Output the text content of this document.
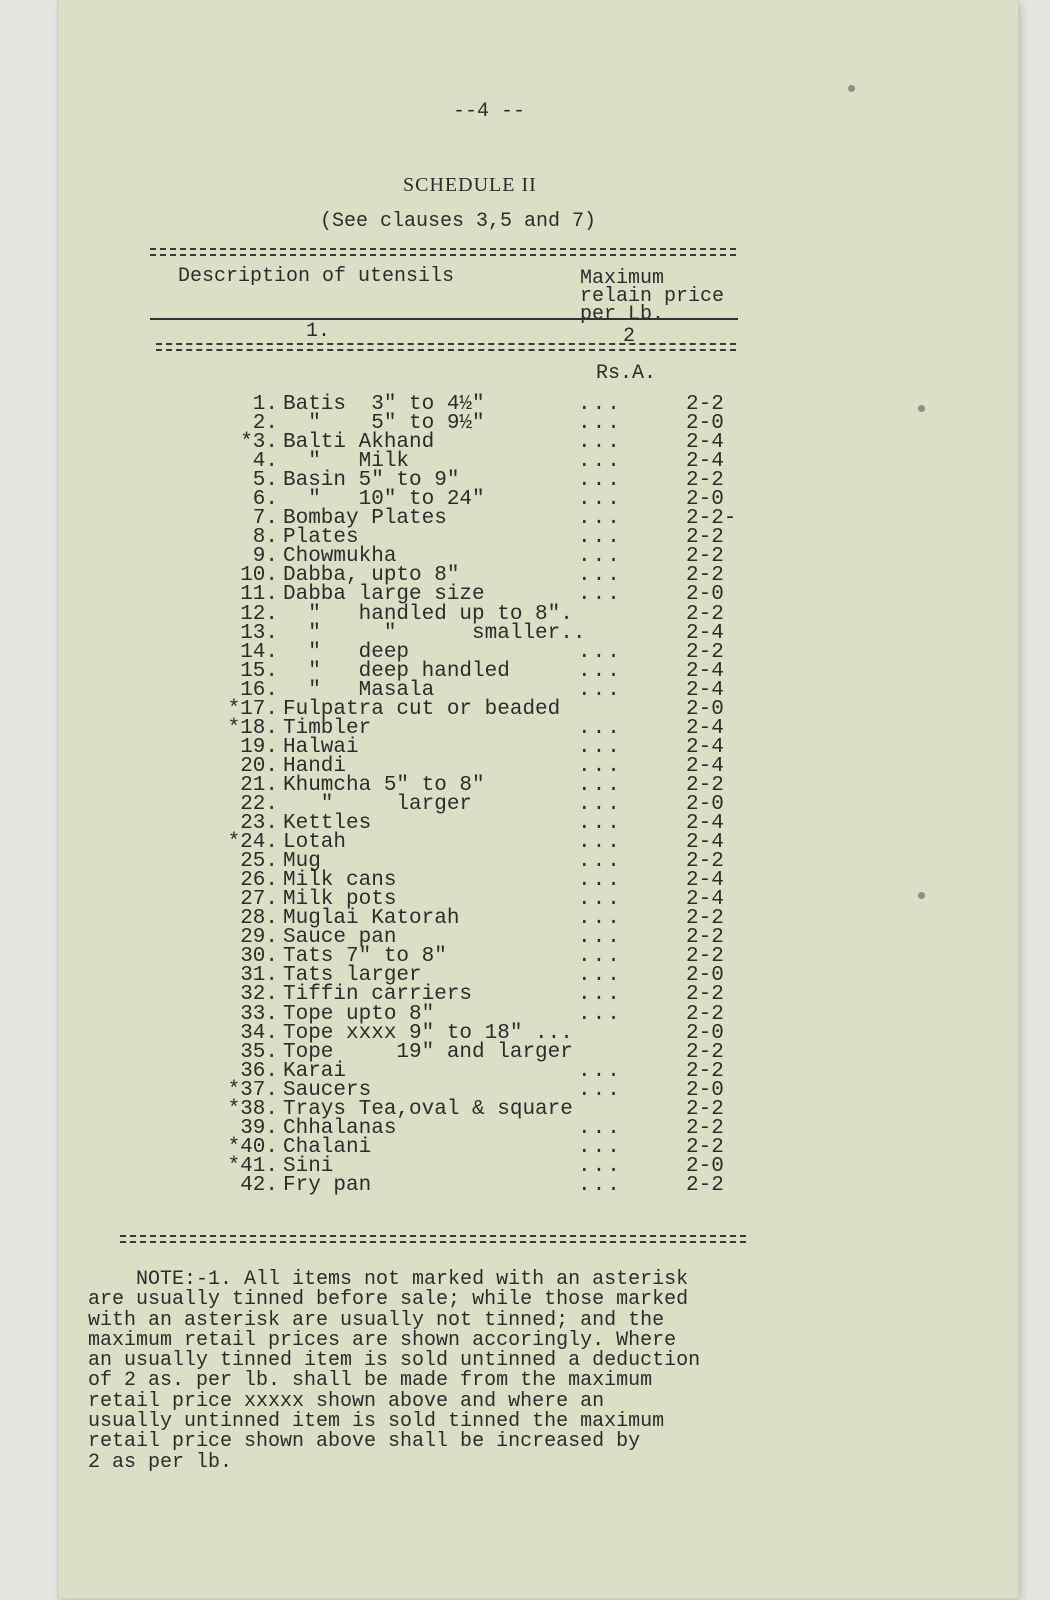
--4 --
SCHEDULE II
(See clauses 3,5 and 7)
Description of utensils	Maximum
relain price
per Lb.
1.	2
Rs.A.
1. Batis  3" to 4½"	...	2-2
2. "    5" to 9½"	...	2-0
*3. Balti Akhand	...	2-4
4. "   Milk	...	2-4
5. Basin 5" to 9"	...	2-2
6. "   10" to 24"	...	2-0
7. Bombay Plates	...	2-2-
8. Plates	...	2-2
9. Chowmukha	...	2-2
10. Dabba, upto 8"	...	2-2
11. Dabba large size	...	2-0
12. "   handled up to 8".	2-2
13. "     "      smaller..	2-4
14. "   deep	...	2-2
15. "   deep handled	...	2-4
16. "   Masala	...	2-4
*17. Fulpatra cut or beaded	2-0
*18. Timbler	...	2-4
19. Halwai	...	2-4
20. Handi	...	2-4
21. Khumcha 5" to 8"	...	2-2
22. "     larger	...	2-0
23. Kettles	...	2-4
*24. Lotah	...	2-4
25. Mug	...	2-2
26. Milk cans	...	2-4
27. Milk pots	...	2-4
28. Muglai Katorah	...	2-2
29. Sauce pan	...	2-2
30. Tats 7" to 8"	...	2-2
31. Tats larger	...	2-0
32. Tiffin carriers	...	2-2
33. Tope upto 8"	...	2-2
34. Tope xxxx 9" to 18" ...	2-0
35. Tope     19" and larger	2-2
36. Karai	...	2-2
*37. Saucers	...	2-0
*38. Trays Tea,oval & square	2-2
39. Chhalanas	...	2-2
*40. Chalani	...	2-2
*41. Sini	...	2-0
42. Fry pan	...	2-2
NOTE:-1. All items not marked with an asterisk
are usually tinned before sale; while those marked
with an asterisk are usually not tinned; and the
maximum retail prices are shown accoringly. Where
an usually tinned item is sold untinned a deduction
of 2 as. per lb. shall be made from the maximum
retail price xxxxx shown above and where an
usually untinned item is sold tinned the maximum
retail price shown above shall be increased by
2 as per lb.
